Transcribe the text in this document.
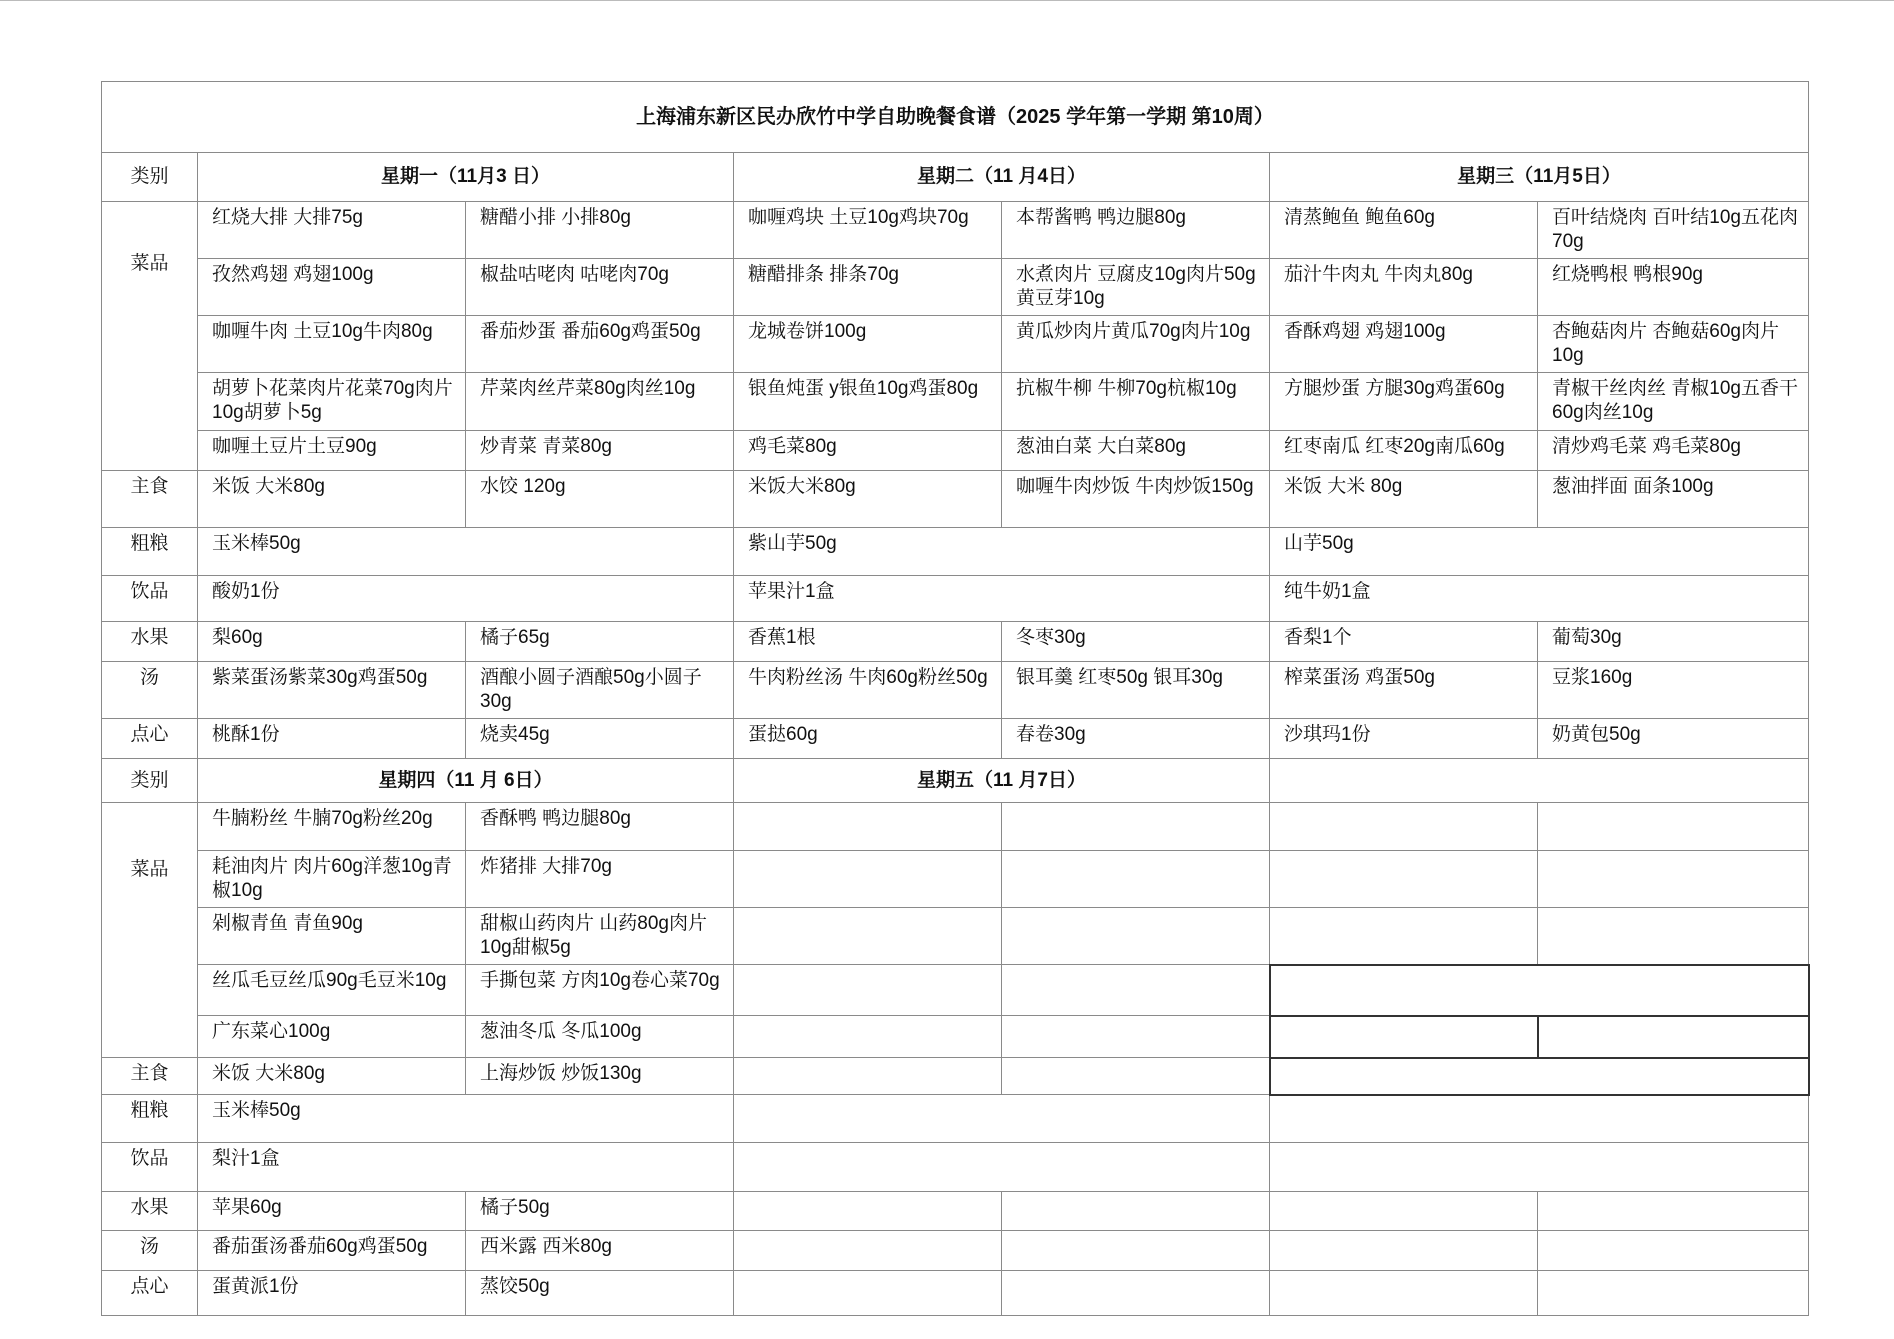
上海浦东新区民办欣竹中学自助晚餐食谱（2025 学年第一学期 第10周）						
类别	星期一（11月3 日）		星期二（11 月4日）		星期三（11月5日）	
菜品	红烧大排 大排75g	糖醋小排 小排80g	咖喱鸡块 土豆10g鸡块70g	本帮酱鸭 鸭边腿80g	清蒸鲍鱼 鲍鱼60g	百叶结烧肉 百叶结10g五花肉70g
	孜然鸡翅 鸡翅100g	椒盐咕咾肉 咕咾肉70g	糖醋排条 排条70g	水煮肉片 豆腐皮10g肉片50g黄豆芽10g	茄汁牛肉丸 牛肉丸80g	红烧鸭根 鸭根90g
	咖喱牛肉 土豆10g牛肉80g	番茄炒蛋 番茄60g鸡蛋50g	龙城卷饼100g	黄瓜炒肉片黄瓜70g肉片10g	香酥鸡翅 鸡翅100g	杏鲍菇肉片 杏鲍菇60g肉片10g
	胡萝卜花菜肉片花菜70g肉片10g胡萝卜5g	芹菜肉丝芹菜80g肉丝10g	银鱼炖蛋 y银鱼10g鸡蛋80g	抗椒牛柳 牛柳70g杭椒10g	方腿炒蛋 方腿30g鸡蛋60g	青椒干丝肉丝 青椒10g五香干60g肉丝10g
	咖喱土豆片土豆90g	炒青菜 青菜80g	鸡毛菜80g	葱油白菜 大白菜80g	红枣南瓜 红枣20g南瓜60g	清炒鸡毛菜 鸡毛菜80g
主食	米饭 大米80g	水饺 120g	米饭大米80g	咖喱牛肉炒饭 牛肉炒饭150g	米饭 大米 80g	葱油拌面 面条100g
粗粮	玉米棒50g		紫山芋50g		山芋50g	
饮品	酸奶1份		苹果汁1盒		纯牛奶1盒	
水果	梨60g	橘子65g	香蕉1根	冬枣30g	香梨1个	葡萄30g
汤	紫菜蛋汤紫菜30g鸡蛋50g	酒酿小圆子酒酿50g小圆子30g	牛肉粉丝汤 牛肉60g粉丝50g	银耳羹 红枣50g 银耳30g	榨菜蛋汤 鸡蛋50g	豆浆160g
点心	桃酥1份	烧卖45g	蛋挞60g	春卷30g	沙琪玛1份	奶黄包50g
类别	星期四（11 月 6日）		星期五（11 月7日）			
菜品	牛腩粉丝 牛腩70g粉丝20g	香酥鸭 鸭边腿80g				
	耗油肉片 肉片60g洋葱10g青椒10g	炸猪排 大排70g				
	剁椒青鱼 青鱼90g	甜椒山药肉片 山药80g肉片10g甜椒5g				
	丝瓜毛豆丝瓜90g毛豆米10g	手撕包菜 方肉10g卷心菜70g				
	广东菜心100g	葱油冬瓜 冬瓜100g				
主食	米饭 大米80g	上海炒饭 炒饭130g				
粗粮	玉米棒50g					
饮品	梨汁1盒					
水果	苹果60g	橘子50g				
汤	番茄蛋汤番茄60g鸡蛋50g	西米露 西米80g				
点心	蛋黄派1份	蒸饺50g				
